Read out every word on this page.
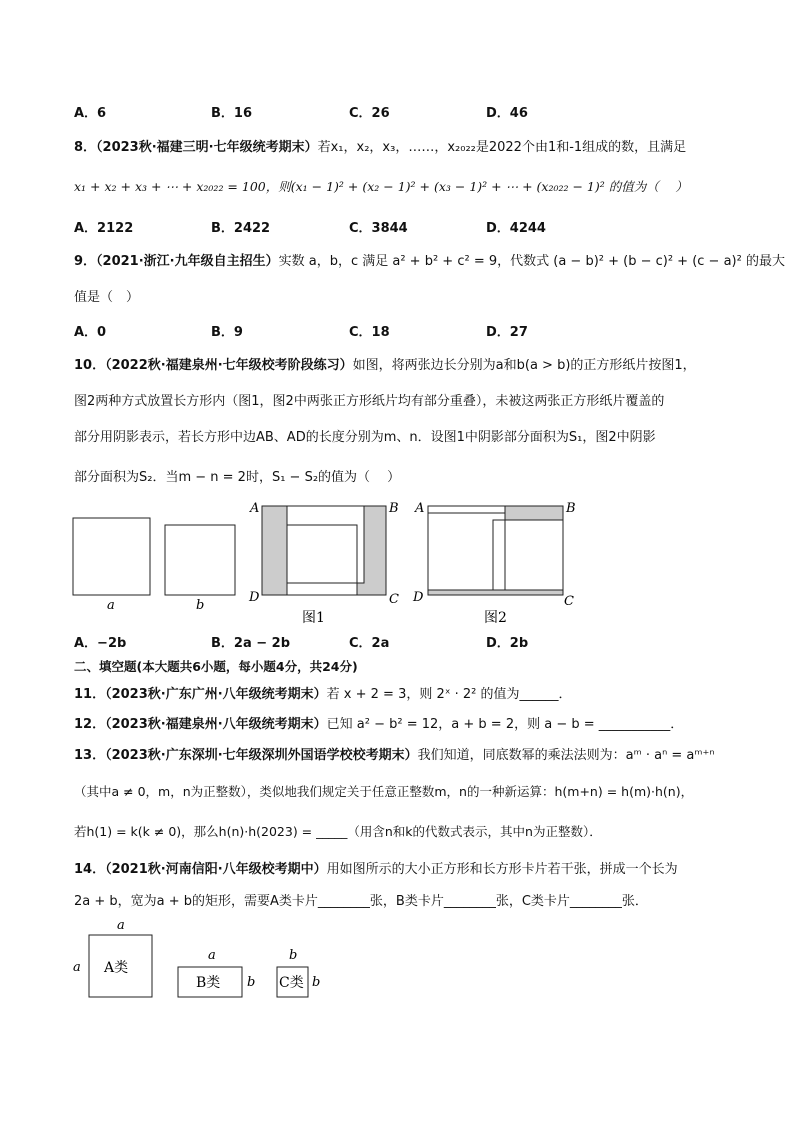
A．6	B．16	C．26	D．46
8．（2023秋·福建三明·七年级统考期末）若x₁，x₂，x₃，……，x₂₀₂₂是2022个由1和-1组成的数，且满足
x₁ + x₂ + x₃ + ⋯ + x₂₀₂₂ = 100，则(x₁ − 1)² + (x₂ − 1)² + (x₃ − 1)² + ⋯ + (x₂₀₂₂ − 1)² 的值为（　 ）
A．2122	B．2422	C．3844	D．4244
9．（2021·浙江·九年级自主招生）实数 a，b，c 满足 a² + b² + c² = 9，代数式 (a − b)² + (b − c)² + (c − a)² 的最大
值是（　）
A．0	B．9	C．18	D．27
10．（2022秋·福建泉州·七年级校考阶段练习）如图，将两张边长分别为a和b(a > b)的正方形纸片按图1，
图2两种方式放置长方形内（图1，图2中两张正方形纸片均有部分重叠），未被这两张正方形纸片覆盖的
部分用阴影表示，若长方形中边AB、AD的长度分别为m、n．设图1中阴影部分面积为S₁，图2中阴影
部分面积为S₂．当m − n = 2时，S₁ − S₂的值为（　 ）
a	b
A	B
C
D
图1
A	B
C
D
图2
A．−2b	B．2a − 2b	C．2a	D．2b
二、填空题(本大题共6小题，每小题4分，共24分)
11．（2023秋·广东广州·八年级统考期末）若 x + 2 = 3，则 2ˣ · 2² 的值为______．
12．（2023秋·福建泉州·八年级统考期末）已知 a² − b² = 12，a + b = 2，则 a − b = ___________．
13．（2023秋·广东深圳·七年级深圳外国语学校校考期末）我们知道，同底数幂的乘法法则为：aᵐ · aⁿ = aᵐ⁺ⁿ
（其中a ≠ 0，m，n为正整数），类似地我们规定关于任意正整数m，n的一种新运算：h(m+n) = h(m)·h(n)，
若h(1) = k(k ≠ 0)，那么h(n)·h(2023) = _____（用含n和k的代数式表示，其中n为正整数）．
14．（2021秋·河南信阳·八年级校考期中）用如图所示的大小正方形和长方形卡片若干张，拼成一个长为
2a + b，宽为a + b的矩形，需要A类卡片________张，B类卡片________张，C类卡片________张．
a
a A类
a
B类 b
b
C类 b
